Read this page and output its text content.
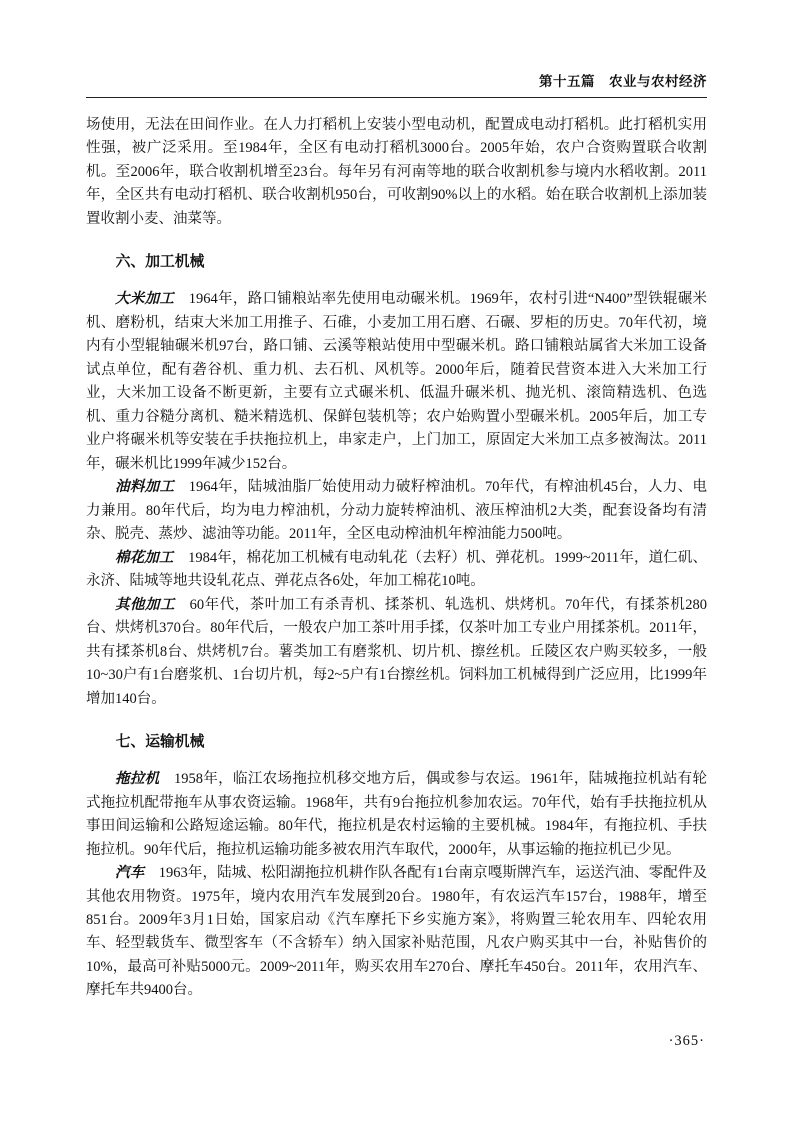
第十五篇　农业与农村经济

场使用，无法在田间作业。在人力打稻机上安装小型电动机，配置成电动打稻机。此打稻机实用性强，被广泛采用。至1984年，全区有电动打稻机3000台。2005年始，农户合资购置联合收割机。至2006年，联合收割机增至23台。每年另有河南等地的联合收割机参与境内水稻收割。2011年，全区共有电动打稻机、联合收割机950台，可收割90%以上的水稻。始在联合收割机上添加装置收割小麦、油菜等。

六、加工机械

大米加工 1964年，路口铺粮站率先使用电动碾米机。1969年，农村引进“N400”型铁辊碾米机、磨粉机，结束大米加工用推子、石碓，小麦加工用石磨、石碾、罗柜的历史。70年代初，境内有小型辊轴碾米机97台，路口铺、云溪等粮站使用中型碾米机。路口铺粮站属省大米加工设备试点单位，配有砻谷机、重力机、去石机、风机等。2000年后，随着民营资本进入大米加工行业，大米加工设备不断更新，主要有立式碾米机、低温升碾米机、抛光机、滚筒精选机、色选机、重力谷糙分离机、糙米精选机、保鲜包装机等；农户始购置小型碾米机。2005年后，加工专业户将碾米机等安装在手扶拖拉机上，串家走户，上门加工，原固定大米加工点多被淘汰。2011年，碾米机比1999年减少152台。

油料加工 1964年，陆城油脂厂始使用动力破籽榨油机。70年代，有榨油机45台，人力、电力兼用。80年代后，均为电力榨油机，分动力旋转榨油机、液压榨油机2大类，配套设备均有清杂、脱壳、蒸炒、滤油等功能。2011年，全区电动榨油机年榨油能力500吨。

棉花加工 1984年，棉花加工机械有电动轧花（去籽）机、弹花机。1999~2011年，道仁矶、永济、陆城等地共设轧花点、弹花点各6处，年加工棉花10吨。

其他加工 60年代，茶叶加工有杀青机、揉茶机、轧选机、烘烤机。70年代，有揉茶机280台、烘烤机370台。80年代后，一般农户加工茶叶用手揉，仅茶叶加工专业户用揉茶机。2011年，共有揉茶机8台、烘烤机7台。薯类加工有磨浆机、切片机、擦丝机。丘陵区农户购买较多，一般10~30户有1台磨浆机、1台切片机，每2~5户有1台擦丝机。饲料加工机械得到广泛应用，比1999年增加140台。

七、运输机械

拖拉机 1958年，临江农场拖拉机移交地方后，偶或参与农运。1961年，陆城拖拉机站有轮式拖拉机配带拖车从事农资运输。1968年，共有9台拖拉机参加农运。70年代，始有手扶拖拉机从事田间运输和公路短途运输。80年代，拖拉机是农村运输的主要机械。1984年，有拖拉机、手扶拖拉机。90年代后，拖拉机运输功能多被农用汽车取代，2000年，从事运输的拖拉机已少见。

汽车 1963年，陆城、松阳湖拖拉机耕作队各配有1台南京嘎斯牌汽车，运送汽油、零配件及其他农用物资。1975年，境内农用汽车发展到20台。1980年，有农运汽车157台，1988年，增至851台。2009年3月1日始，国家启动《汽车摩托下乡实施方案》，将购置三轮农用车、四轮农用车、轻型载货车、微型客车（不含轿车）纳入国家补贴范围，凡农户购买其中一台，补贴售价的10%，最高可补贴5000元。2009~2011年，购买农用车270台、摩托车450台。2011年，农用汽车、摩托车共9400台。

·365·
